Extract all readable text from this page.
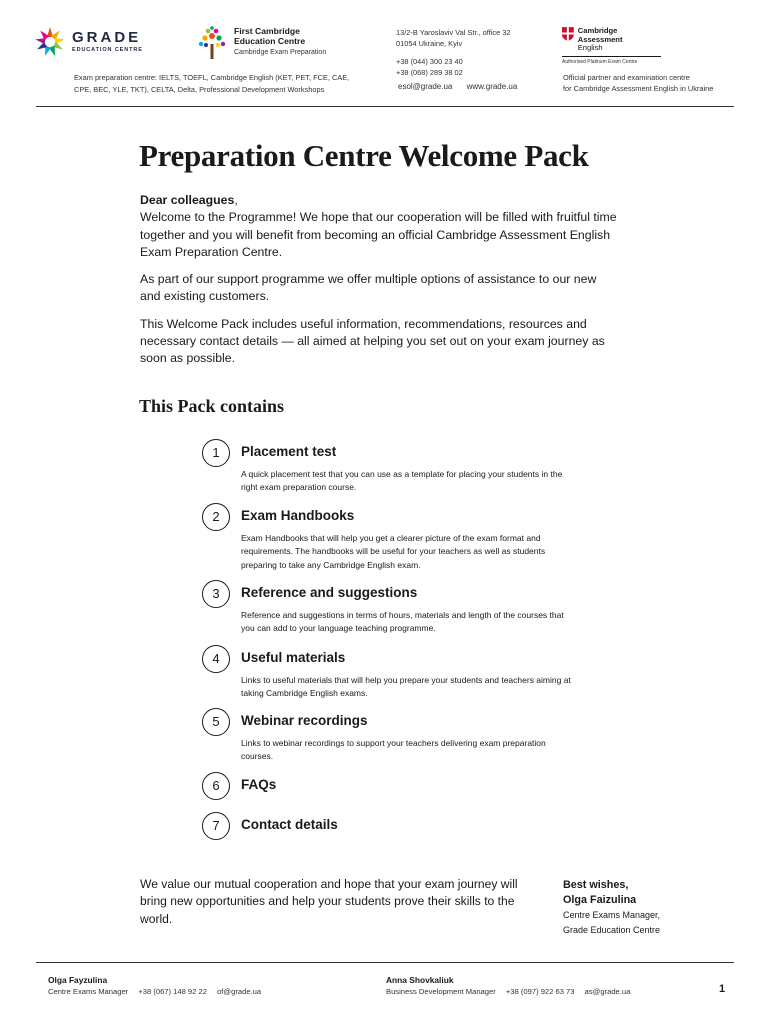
GRADE
EDUCATION CENTRE
First Cambridge
Education Centre
Cambridge Exam Preparation
13/2-B Yaroslaviv Val Str., office 32
01054 Ukraine, Kyiv
+38 (044) 300 23 40
+38 (068) 289 38 02
esol@grade.ua www.grade.ua
Cambridge Assessment
English
Authorised Platinum Exam Centre
Exam preparation centre: IELTS, TOEFL, Cambridge English (KET, PET, FCE, CAE,
CPE, BEC, YLE, TKT), CELTA, Delta, Professional Development Workshops
Official partner and examination centre
for Cambridge Assessment English in Ukraine
Preparation Centre Welcome Pack

Dear colleagues,

Welcome to the Programme! We hope that our cooperation will be filled with fruitful time together and you will benefit from becoming an official Cambridge Assessment English Exam Preparation Centre.

As part of our support programme we offer multiple options of assistance to our new and existing customers.

This Welcome Pack includes useful information, recommendations, resources and necessary contact details — all aimed at helping you set out on your exam journey as soon as possible.

This Pack contains
1	Placement test
A quick placement test that you can use as a template for placing your students in the right exam preparation course.
2	Exam Handbooks
Exam Handbooks that will help you get a clearer picture of the exam format and requirements. The handbooks will be useful for your teachers as well as students preparing to take any Cambridge English exam.
3	Reference and suggestions
Reference and suggestions in terms of hours, materials and length of the courses that you can add to your language teaching programme.
4	Useful materials
Links to useful materials that will help you prepare your students and teachers aiming at taking Cambridge English exams.
5	Webinar recordings
Links to webinar recordings to support your teachers delivering exam preparation courses.
6	FAQs
7	Contact details

We value our mutual cooperation and hope that your exam journey will bring new opportunities and help your students prove their skills to the world.

Best wishes,
Olga Faizulina
Centre Exams Manager,
Grade Education Centre
Olga Fayzulina
Centre Exams Manager +38 (067) 148 92 22 of@grade.ua
Anna Shovkaliuk
Business Development Manager +38 (097) 922 63 73 as@grade.ua	1
